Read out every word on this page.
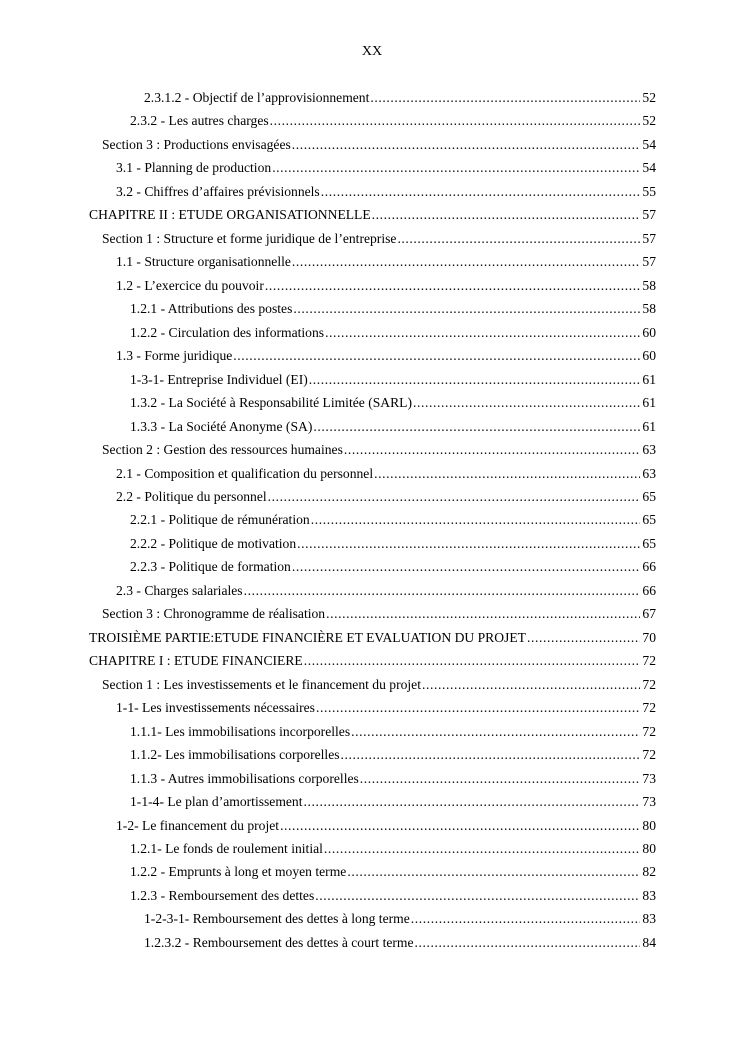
XX
2.3.1.2 - Objectif de l’approvisionnement .....	52
2.3.2 - Les autres charges .....	52
Section 3 : Productions envisagées .....	54
3.1 - Planning de production .....	54
3.2 - Chiffres d’affaires prévisionnels .....	55
CHAPITRE II : ETUDE ORGANISATIONNELLE .....	57
Section 1 : Structure et forme juridique de l’entreprise .....	57
1.1 - Structure organisationnelle .....	57
1.2 - L’exercice du pouvoir .....	58
1.2.1 - Attributions des postes .....	58
1.2.2 - Circulation des informations .....	60
1.3 - Forme juridique .....	60
1-3-1- Entreprise Individuel (EI) .....	61
1.3.2 - La Société à Responsabilité Limitée (SARL) .....	61
1.3.3 - La Société Anonyme (SA) .....	61
Section 2 : Gestion des ressources humaines .....	63
2.1 - Composition et qualification du personnel .....	63
2.2 - Politique du personnel .....	65
2.2.1 - Politique de rémunération .....	65
2.2.2 - Politique de motivation .....	65
2.2.3 - Politique de formation .....	66
2.3 - Charges salariales .....	66
Section 3 : Chronogramme de réalisation .....	67
TROISIÈME PARTIE:ETUDE FINANCIÈRE ET EVALUATION DU PROJET .....	70
CHAPITRE I : ETUDE FINANCIERE .....	72
Section 1 : Les investissements et le financement du projet .....	72
1-1- Les investissements nécessaires .....	72
1.1.1- Les immobilisations incorporelles .....	72
1.1.2- Les immobilisations corporelles .....	72
1.1.3 - Autres immobilisations corporelles .....	73
1-1-4- Le plan d’amortissement .....	73
1-2- Le financement du projet .....	80
1.2.1- Le fonds de roulement initial .....	80
1.2.2 - Emprunts à long et moyen terme .....	82
1.2.3 - Remboursement des dettes .....	83
1-2-3-1- Remboursement des dettes à long terme .....	83
1.2.3.2 - Remboursement des dettes à court terme .....	84
